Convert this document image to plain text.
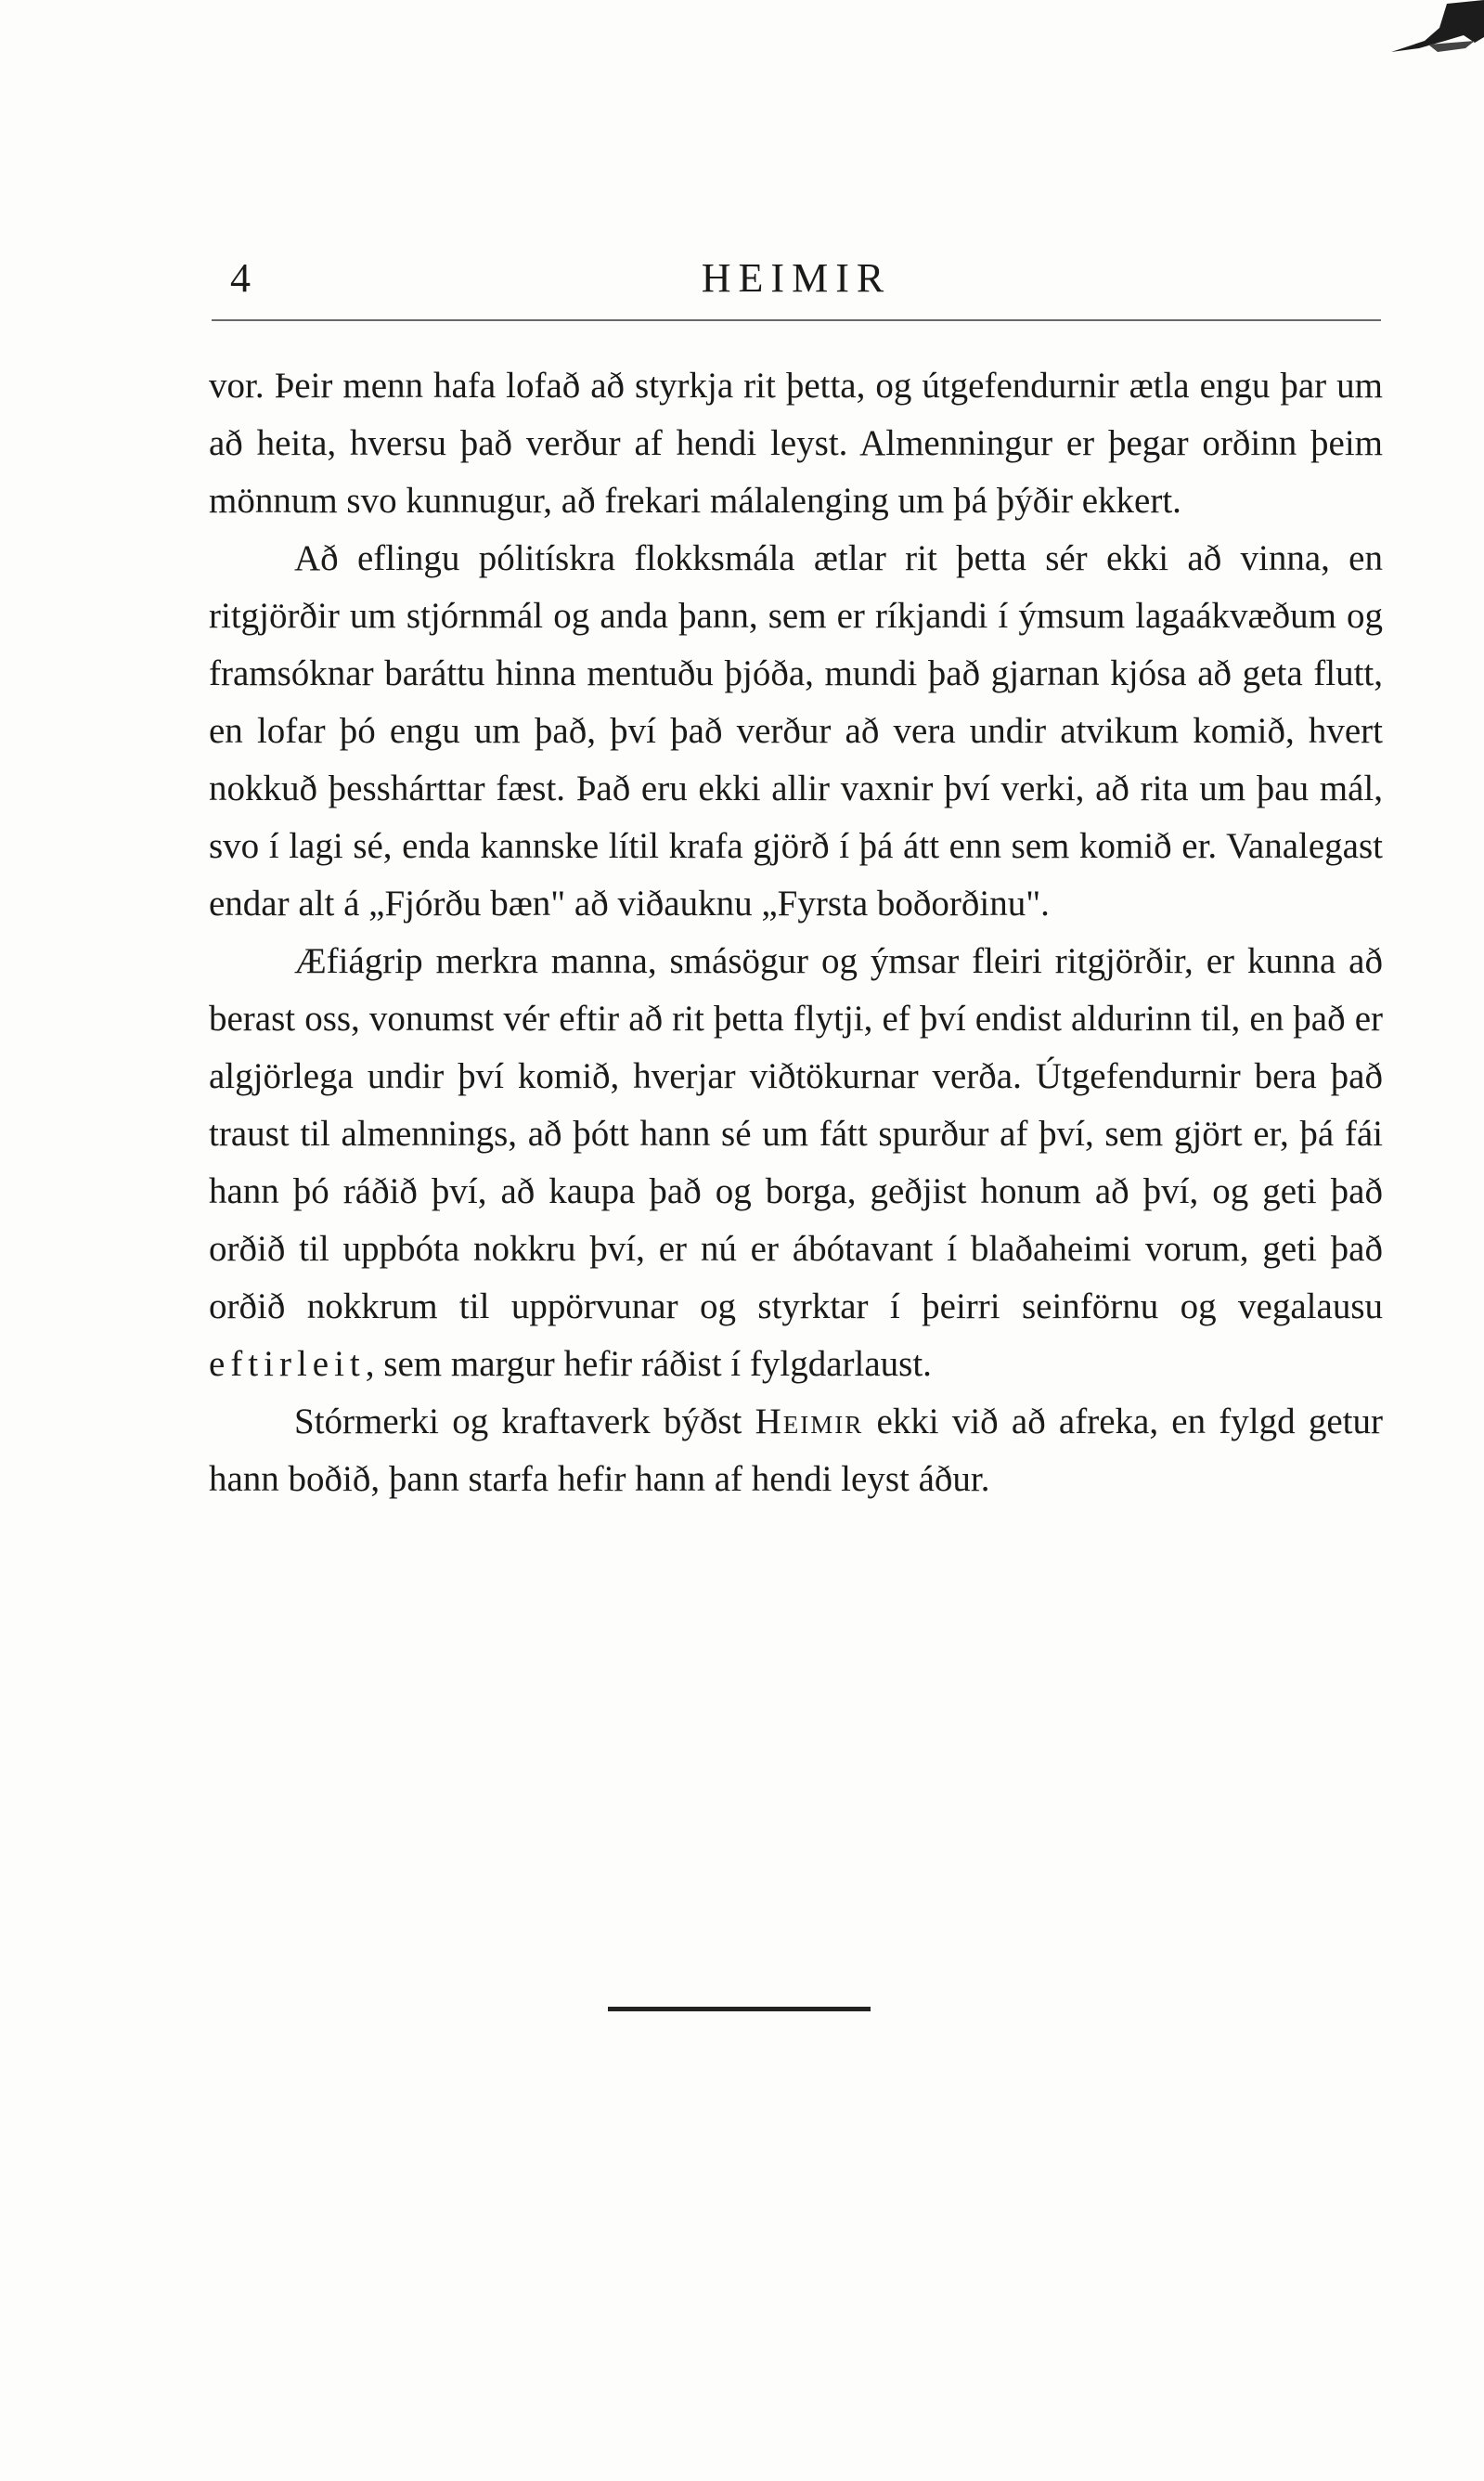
4	HEIMIR

vor. Þeir menn hafa lofað að styrkja rit þetta, og útgefendurnir ætla engu þar um að heita, hversu það verður af hendi leyst. Almenningur er þegar orðinn þeim mönnum svo kunnugur, að frekari málalenging um þá þýðir ekkert.

Að eflingu pólitískra flokksmála ætlar rit þetta sér ekki að vinna, en ritgjörðir um stjórnmál og anda þann, sem er ríkjandi í ýmsum lagaákvæðum og framsóknar baráttu hinna mentuðu þjóða, mundi það gjarnan kjósa að geta flutt, en lofar þó engu um það, því það verður að vera undir atvikum komið, hvert nokkuð þesshárttar fæst. Það eru ekki allir vaxnir því verki, að rita um þau mál, svo í lagi sé, enda kannske lítil krafa gjörð í þá átt enn sem komið er. Vanalegast endar alt á „Fjórðu bæn" að viðauknu „Fyrsta boðorðinu".

Æfiágrip merkra manna, smásögur og ýmsar fleiri ritgjörðir, er kunna að berast oss, vonumst vér eftir að rit þetta flytji, ef því endist aldurinn til, en það er algjörlega undir því komið, hverjar viðtökurnar verða. Útgefendurnir bera það traust til almennings, að þótt hann sé um fátt spurður af því, sem gjört er, þá fái hann þó ráðið því, að kaupa það og borga, geðjist honum að því, og geti það orðið til uppbóta nokkru því, er nú er ábótavant í blaðaheimi vorum, geti það orðið nokkrum til uppörvunar og styrktar í þeirri seinförnu og vegalausu eftirleit, sem margur hefir ráðist í fylgdarlaust.

Stórmerki og kraftaverk býðst Heimir ekki við að afreka, en fylgd getur hann boðið, þann starfa hefir hann af hendi leyst áður.
